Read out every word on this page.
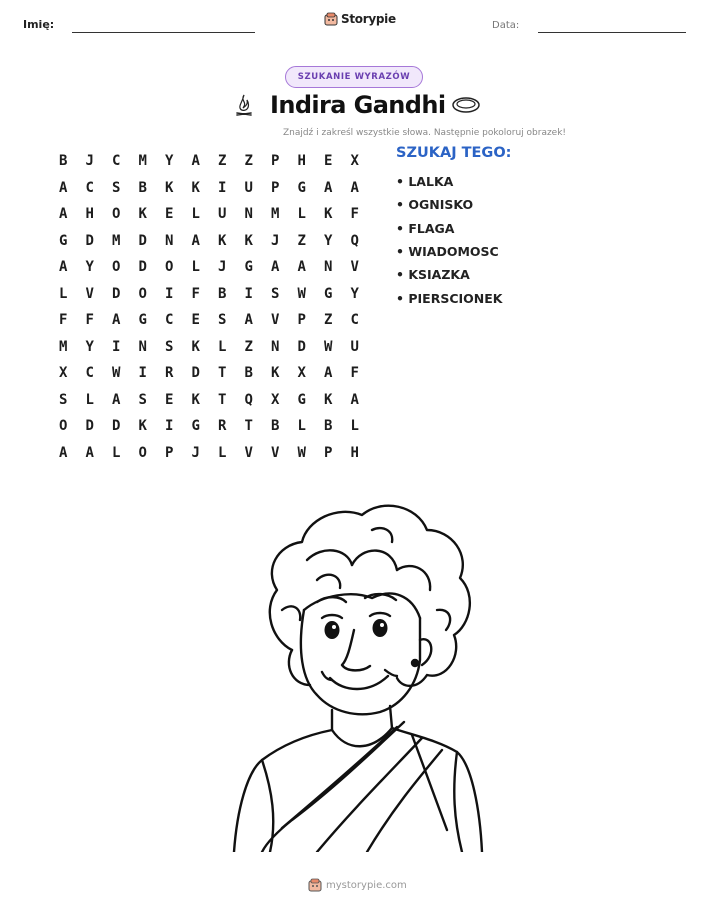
Imię:	Storypie	Data:
SZUKANIE WYRAZÓW
Indira Gandhi
Znajdź i zakreśl wszystkie słowa. Następnie pokoloruj obrazek!
B	J	C	M	Y	A	Z	Z	P	H	E	X
A	C	S	B	K	K	I	U	P	G	A	A
A	H	O	K	E	L	U	N	M	L	K	F
G	D	M	D	N	A	K	K	J	Z	Y	Q
A	Y	O	D	O	L	J	G	A	A	N	V
L	V	D	O	I	F	B	I	S	W	G	Y
F	F	A	G	C	E	S	A	V	P	Z	C
M	Y	I	N	S	K	L	Z	N	D	W	U
X	C	W	I	R	D	T	B	K	X	A	F
S	L	A	S	E	K	T	Q	X	G	K	A
O	D	D	K	I	G	R	T	B	L	B	L
A	A	L	O	P	J	L	V	V	W	P	H
SZUKAJ TEGO:
• LALKA
• OGNISKO
• FLAGA
• WIADOMOSC
• KSIAZKA
• PIERSCIONEK
mystorypie.com
